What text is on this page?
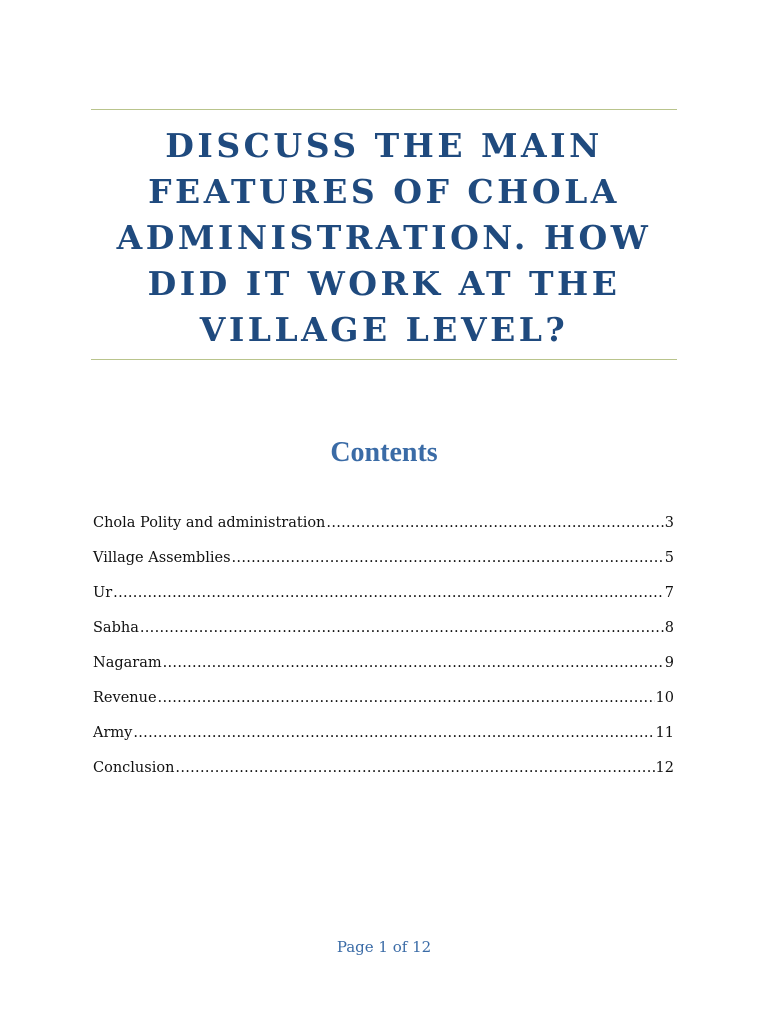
DISCUSS THE MAIN
FEATURES OF CHOLA
ADMINISTRATION. HOW
DID IT WORK AT THE
VILLAGE LEVEL?
Contents
Chola Polity and administration .....	3
Village Assemblies .....	5
Ur .....	7
Sabha .....	8
Nagaram .....	9
Revenue .....	10
Army .....	11
Conclusion .....	12
Page 1 of 12
